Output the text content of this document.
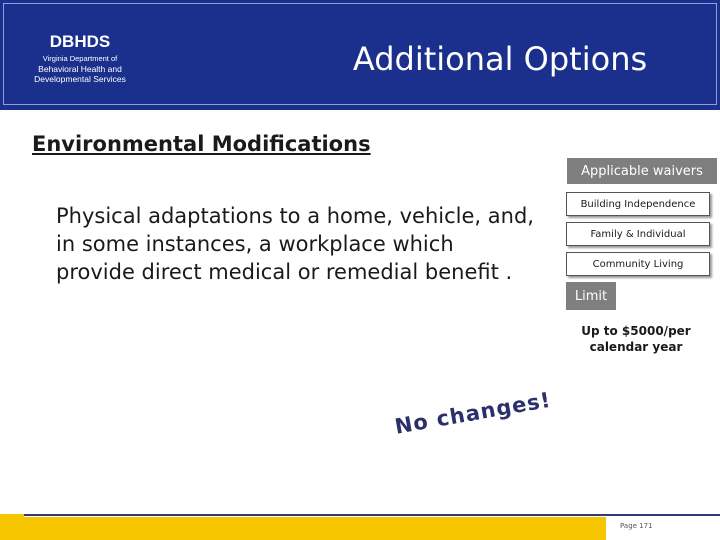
DBHDS
Virginia Department of
Behavioral Health and
Developmental Services
Additional Options
Environmental Modifications
Physical adaptations to a home, vehicle, and, in some instances, a workplace which provide direct medical or remedial benefit .
Applicable waivers
Building Independence
Family & Individual
Community Living
Limit
Up to $5000/per
calendar year
No changes!
Page 171
